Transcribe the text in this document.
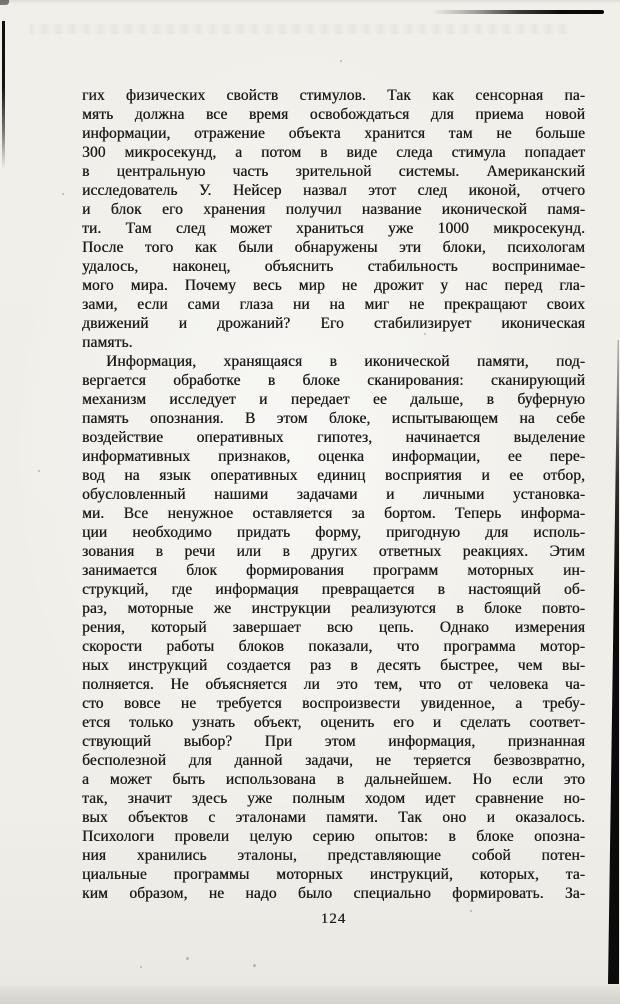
гих физических свойств стимулов. Так как сенсорная па-
мять должна все время освобождаться для приема новой
информации, отражение объекта хранится там не больше
300 микросекунд, а потом в виде следа стимула попадает
в центральную часть зрительной системы. Американский
исследователь У. Нейсер назвал этот след иконой, отчего
и блок его хранения получил название иконической памя-
ти. Там след может храниться уже 1000 микросекунд.
После того как были обнаружены эти блоки, психологам
удалось, наконец, объяснить стабильность воспринимае-
мого мира. Почему весь мир не дрожит у нас перед гла-
зами, если сами глаза ни на миг не прекращают своих
движений и дрожаний? Его стабилизирует иконическая
память.
Информация, хранящаяся в иконической памяти, под-
вергается обработке в блоке сканирования: сканирующий
механизм исследует и передает ее дальше, в буферную
память опознания. В этом блоке, испытывающем на себе
воздействие оперативных гипотез, начинается выделение
информативных признаков, оценка информации, ее пере-
вод на язык оперативных единиц восприятия и ее отбор,
обусловленный нашими задачами и личными установка-
ми. Все ненужное оставляется за бортом. Теперь информа-
ции необходимо придать форму, пригодную для исполь-
зования в речи или в других ответных реакциях. Этим
занимается блок формирования программ моторных ин-
струкций, где информация превращается в настоящий об-
раз, моторные же инструкции реализуются в блоке повто-
рения, который завершает всю цепь. Однако измерения
скорости работы блоков показали, что программа мотор-
ных инструкций создается раз в десять быстрее, чем вы-
полняется. Не объясняется ли это тем, что от человека ча-
сто вовсе не требуется воспроизвести увиденное, а требу-
ется только узнать объект, оценить его и сделать соответ-
ствующий выбор? При этом информация, признанная
бесполезной для данной задачи, не теряется безвозвратно,
а может быть использована в дальнейшем. Но если это
так, значит здесь уже полным ходом идет сравнение но-
вых объектов с эталонами памяти. Так оно и оказалось.
Психологи провели целую серию опытов: в блоке опозна-
ния хранились эталоны, представляющие собой потен-
циальные программы моторных инструкций, которых, та-
ким образом, не надо было специально формировать. За-
124
